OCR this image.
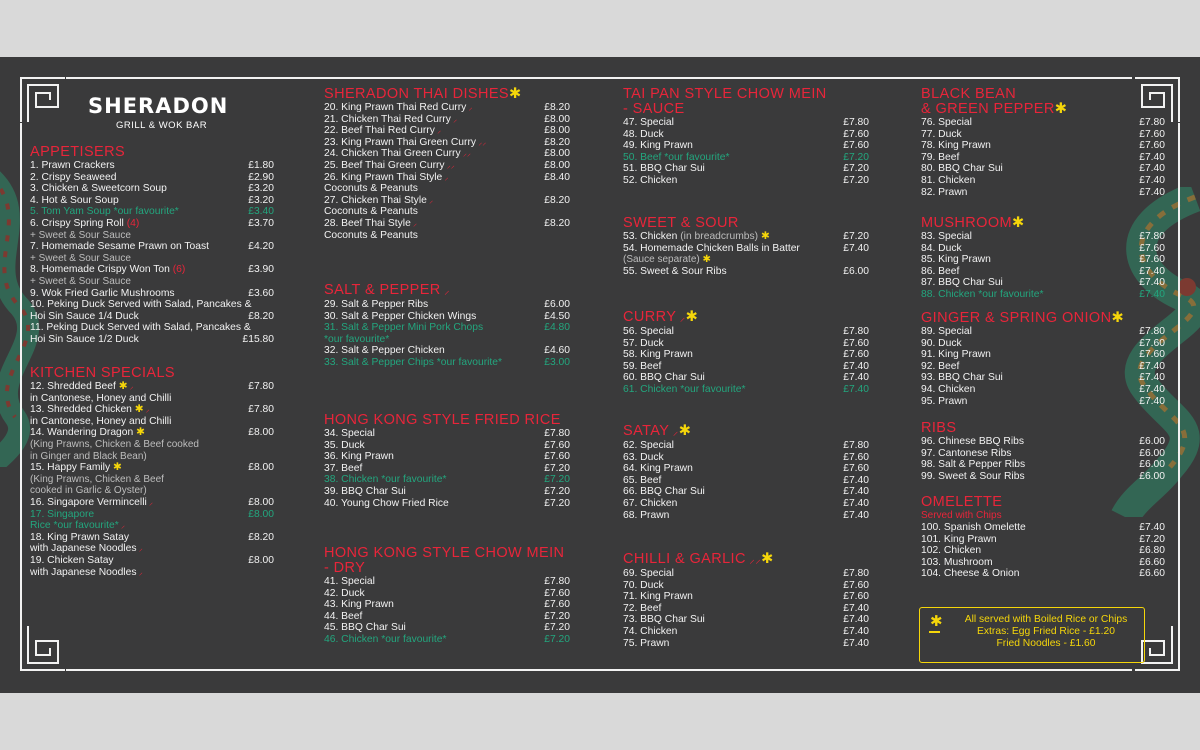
SHERADON
GRILL & WOK BAR
APPETISERS
1. Prawn Crackers	£1.80
2. Crispy Seaweed	£2.90
3. Chicken & Sweetcorn Soup	£3.20
4. Hot & Sour Soup	£3.20
5. Tom Yam Soup *our favourite*	£3.40
6. Crispy Spring Roll (4)	£3.70
+ Sweet & Sour Sauce
7. Homemade Sesame Prawn on Toast	£4.20
+ Sweet & Sour Sauce
8. Homemade Crispy Won Ton (6)	£3.90
+ Sweet & Sour Sauce
9. Wok Fried Garlic Mushrooms	£3.60
10. Peking Duck Served with Salad, Pancakes &
Hoi Sin Sauce 1/4 Duck	£8.20
11. Peking Duck Served with Salad, Pancakes &
Hoi Sin Sauce 1/2 Duck	£15.80
KITCHEN SPECIALS
12. Shredded Beef ✱ ⸝	£7.80
in Cantonese, Honey and Chilli
13. Shredded Chicken ✱ ⸝	£7.80
in Cantonese, Honey and Chilli
14. Wandering Dragon ✱	£8.00
(King Prawns, Chicken & Beef cooked
in Ginger and Black Bean)
15. Happy Family ✱	£8.00
(King Prawns, Chicken & Beef
cooked in Garlic & Oyster)
16. Singapore Vermincelli ⸝	£8.00
17. Singapore	£8.00
Rice *our favourite* ⸝
18. King Prawn Satay	£8.20
with Japanese Noodles ⸝
19. Chicken Satay	£8.00
with Japanese Noodles ⸝
SHERADON THAI DISHES✱
20. King Prawn Thai Red Curry ⸝	£8.20
21. Chicken Thai Red Curry ⸝	£8.00
22. Beef Thai Red Curry ⸝	£8.00
23. King Prawn Thai Green Curry ⸝⸝	£8.20
24. Chicken Thai Green Curry ⸝⸝	£8.00
25. Beef Thai Green Curry ⸝⸝	£8.00
26. King Prawn Thai Style ⸝	£8.40
Coconuts & Peanuts
27. Chicken Thai Style ⸝	£8.20
Coconuts & Peanuts
28. Beef Thai Style ⸝	£8.20
Coconuts & Peanuts
SALT & PEPPER ⸝
29. Salt & Pepper Ribs	£6.00
30. Salt & Pepper Chicken Wings	£4.50
31. Salt & Pepper Mini Pork Chops	£4.80
*our favourite*
32. Salt & Pepper Chicken	£4.60
33. Salt & Pepper Chips *our favourite*	£3.00
HONG KONG STYLE FRIED RICE
34. Special	£7.80
35. Duck	£7.60
36. King Prawn	£7.60
37. Beef	£7.20
38. Chicken *our favourite*	£7.20
39. BBQ Char Sui	£7.20
40. Young Chow Fried Rice	£7.20
HONG KONG STYLE CHOW MEIN
- DRY
41. Special	£7.80
42. Duck	£7.60
43. King Prawn	£7.60
44. Beef	£7.20
45. BBQ Char Sui	£7.20
46. Chicken *our favourite*	£7.20
TAI PAN STYLE CHOW MEIN
- SAUCE
47. Special	£7.80
48. Duck	£7.60
49. King Prawn	£7.60
50. Beef *our favourite*	£7.20
51. BBQ Char Sui	£7.20
52. Chicken	£7.20
SWEET & SOUR
53. Chicken (in breadcrumbs) ✱	£7.20
54. Homemade Chicken Balls in Batter	£7.40
(Sauce separate) ✱
55. Sweet & Sour Ribs	£6.00
CURRY ⸝✱
56. Special	£7.80
57. Duck	£7.60
58. King Prawn	£7.60
59. Beef	£7.40
60. BBQ Char Sui	£7.40
61. Chicken *our favourite*	£7.40
SATAY ⸝✱
62. Special	£7.80
63. Duck	£7.60
64. King Prawn	£7.60
65. Beef	£7.40
66. BBQ Char Sui	£7.40
67. Chicken	£7.40
68. Prawn	£7.40
CHILLI & GARLIC ⸝⸝✱
69. Special	£7.80
70. Duck	£7.60
71. King Prawn	£7.60
72. Beef	£7.40
73. BBQ Char Sui	£7.40
74. Chicken	£7.40
75. Prawn	£7.40
BLACK BEAN
& GREEN PEPPER✱
76. Special	£7.80
77. Duck	£7.60
78. King Prawn	£7.60
79. Beef	£7.40
80. BBQ Char Sui	£7.40
81. Chicken	£7.40
82. Prawn	£7.40
MUSHROOM✱
83. Special	£7.80
84. Duck	£7.60
85. King Prawn	£7.60
86. Beef	£7.40
87. BBQ Char Sui	£7.40
88. Chicken *our favourite*	£7.40
GINGER & SPRING ONION✱
89. Special	£7.80
90. Duck	£7.60
91. King Prawn	£7.60
92. Beef	£7.40
93. BBQ Char Sui	£7.40
94. Chicken	£7.40
95. Prawn	£7.40
RIBS
96. Chinese BBQ Ribs	£6.00
97. Cantonese Ribs	£6.00
98. Salt & Pepper Ribs	£6.00
99. Sweet & Sour Ribs	£6.00
OMELETTE
Served with Chips
100. Spanish Omelette	£7.40
101. King Prawn	£7.20
102. Chicken	£6.80
103. Mushroom	£6.60
104. Cheese & Onion	£6.60
✱	All served with Boiled Rice or Chips
Extras: Egg Fried Rice - £1.20
Fried Noodles - £1.60
